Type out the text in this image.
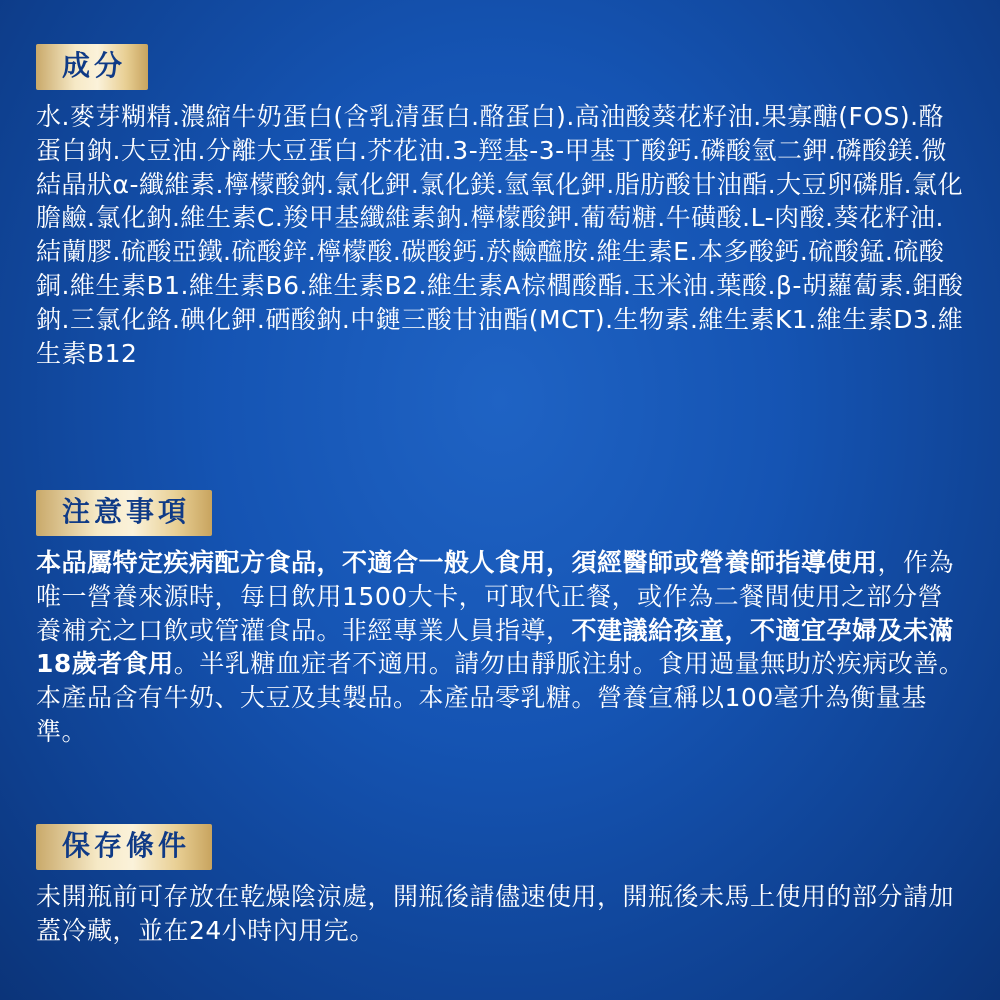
成分
水.麥芽糊精.濃縮牛奶蛋白(含乳清蛋白.酪蛋白).高油酸葵花籽油.果寡醣(FOS).酪蛋白鈉.大豆油.分離大豆蛋白.芥花油.3-羥基-3-甲基丁酸鈣.磷酸氫二鉀.磷酸鎂.微結晶狀α-纖維素.檸檬酸鈉.氯化鉀.氯化鎂.氫氧化鉀.脂肪酸甘油酯.大豆卵磷脂.氯化膽鹼.氯化鈉.維生素C.羧甲基纖維素鈉.檸檬酸鉀.葡萄糖.牛磺酸.L-肉酸.葵花籽油.結蘭膠.硫酸亞鐵.硫酸鋅.檸檬酸.碳酸鈣.菸鹼醯胺.維生素E.本多酸鈣.硫酸錳.硫酸銅.維生素B1.維生素B6.維生素B2.維生素A棕櫚酸酯.玉米油.葉酸.β-胡蘿蔔素.鉬酸鈉.三氯化鉻.碘化鉀.硒酸鈉.中鏈三酸甘油酯(MCT).生物素.維生素K1.維生素D3.維生素B12
注意事項
本品屬特定疾病配方食品，不適合一般人食用，須經醫師或營養師指導使用，作為唯一營養來源時，每日飲用1500大卡，可取代正餐，或作為二餐間使用之部分營養補充之口飲或管灌食品。非經專業人員指導，不建議給孩童，不適宜孕婦及未滿18歲者食用。半乳糖血症者不適用。請勿由靜脈注射。食用過量無助於疾病改善。本產品含有牛奶、大豆及其製品。本產品零乳糖。營養宣稱以100毫升為衡量基準。
保存條件
未開瓶前可存放在乾燥陰涼處，開瓶後請儘速使用，開瓶後未馬上使用的部分請加蓋冷藏，並在24小時內用完。
